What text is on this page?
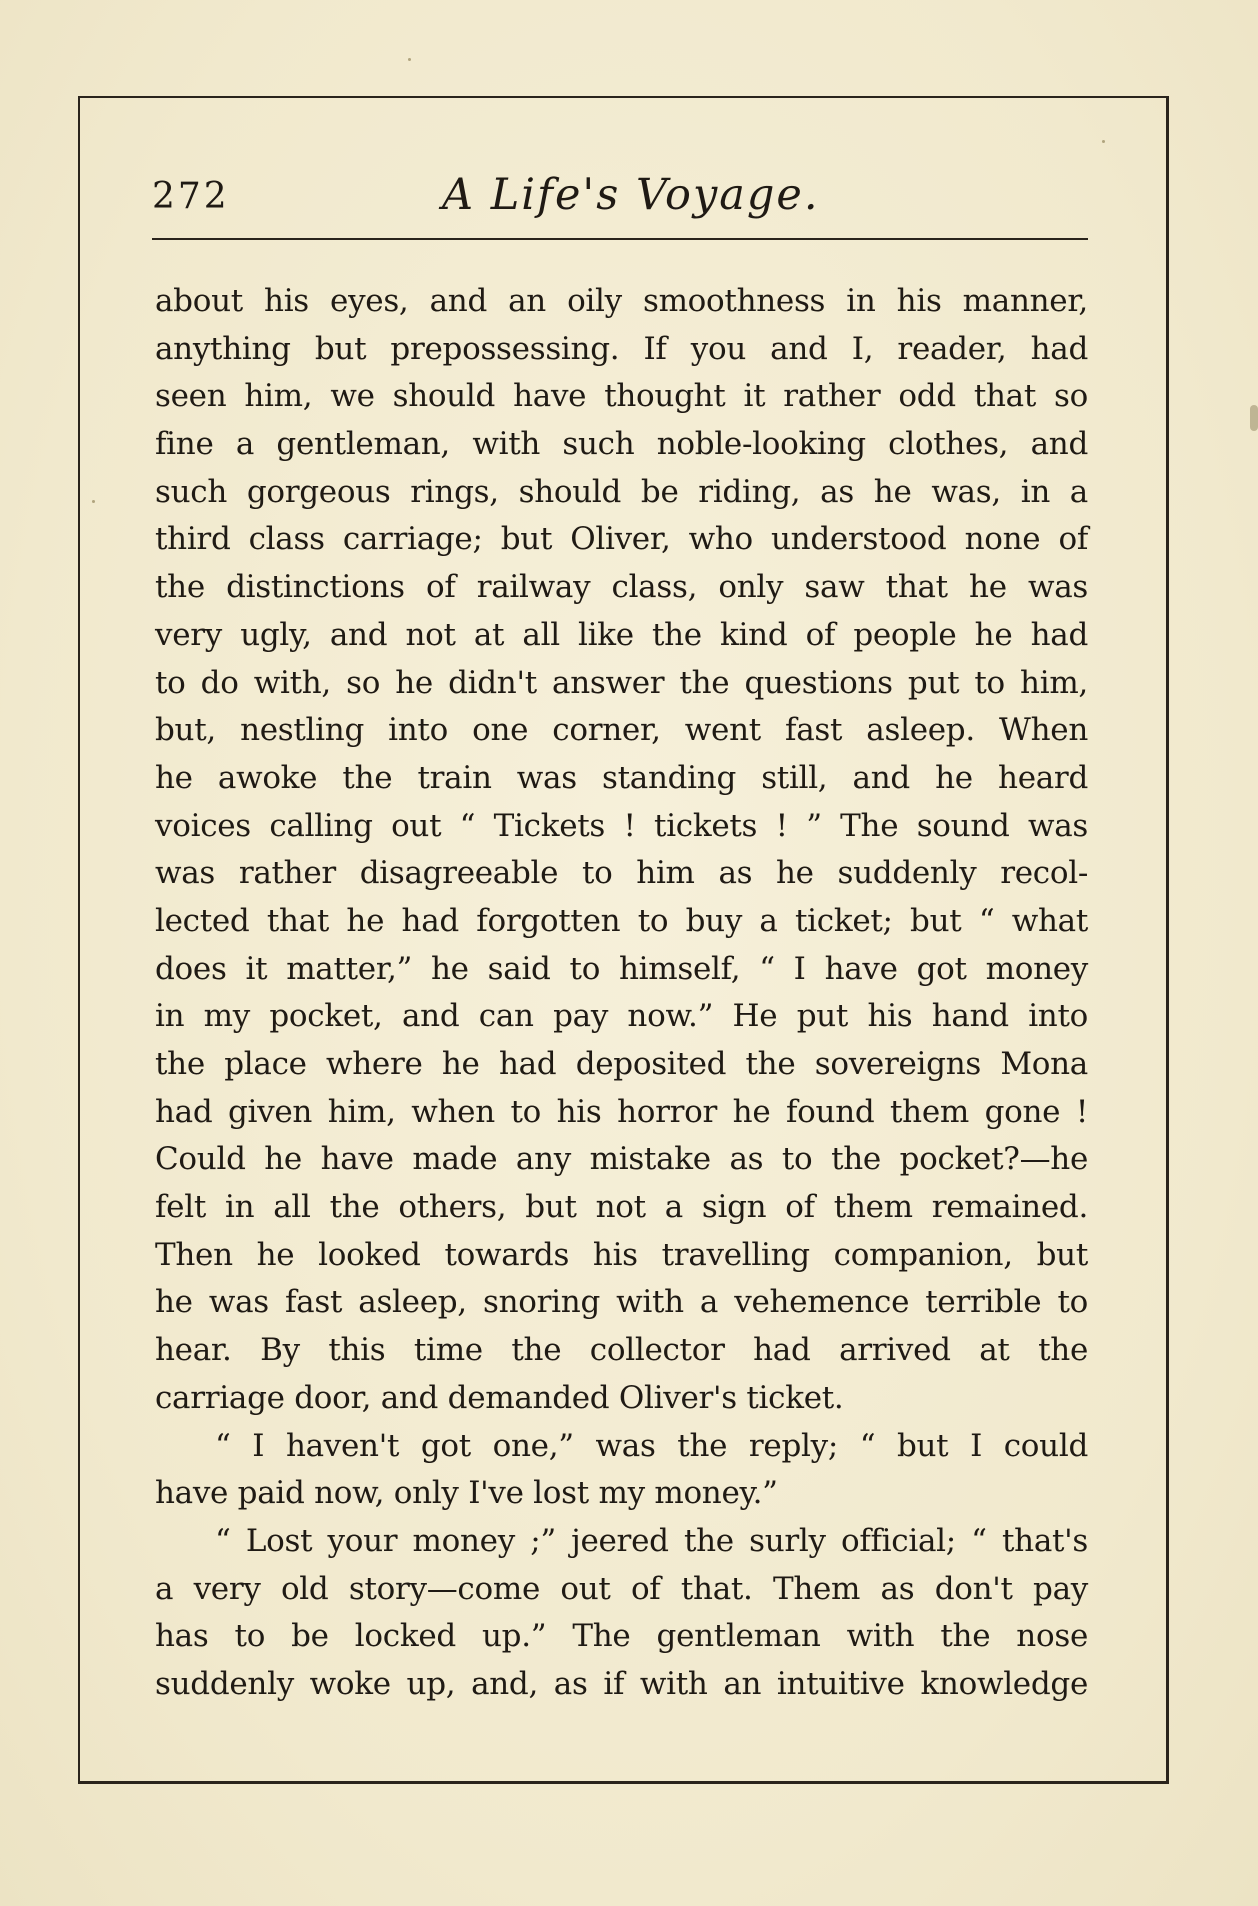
272	A Life's Voyage.
about his eyes, and an oily smoothness in his manner,
anything but prepossessing. If you and I, reader, had
seen him, we should have thought it rather odd that so
fine a gentleman, with such noble-looking clothes, and
such gorgeous rings, should be riding, as he was, in a
third class carriage; but Oliver, who understood none of
the distinctions of railway class, only saw that he was
very ugly, and not at all like the kind of people he had
to do with, so he didn't answer the questions put to him,
but, nestling into one corner, went fast asleep. When
he awoke the train was standing still, and he heard
voices calling out “ Tickets ! tickets ! ” The sound was
was rather disagreeable to him as he suddenly recol-
lected that he had forgotten to buy a ticket; but “ what
does it matter,” he said to himself, “ I have got money
in my pocket, and can pay now.” He put his hand into
the place where he had deposited the sovereigns Mona
had given him, when to his horror he found them gone !
Could he have made any mistake as to the pocket?—he
felt in all the others, but not a sign of them remained.
Then he looked towards his travelling companion, but
he was fast asleep, snoring with a vehemence terrible to
hear. By this time the collector had arrived at the
carriage door, and demanded Oliver's ticket.
“ I haven't got one,” was the reply; “ but I could
have paid now, only I've lost my money.”
“ Lost your money ;” jeered the surly official; “ that's
a very old story—come out of that. Them as don't pay
has to be locked up.” The gentleman with the nose
suddenly woke up, and, as if with an intuitive knowledge
